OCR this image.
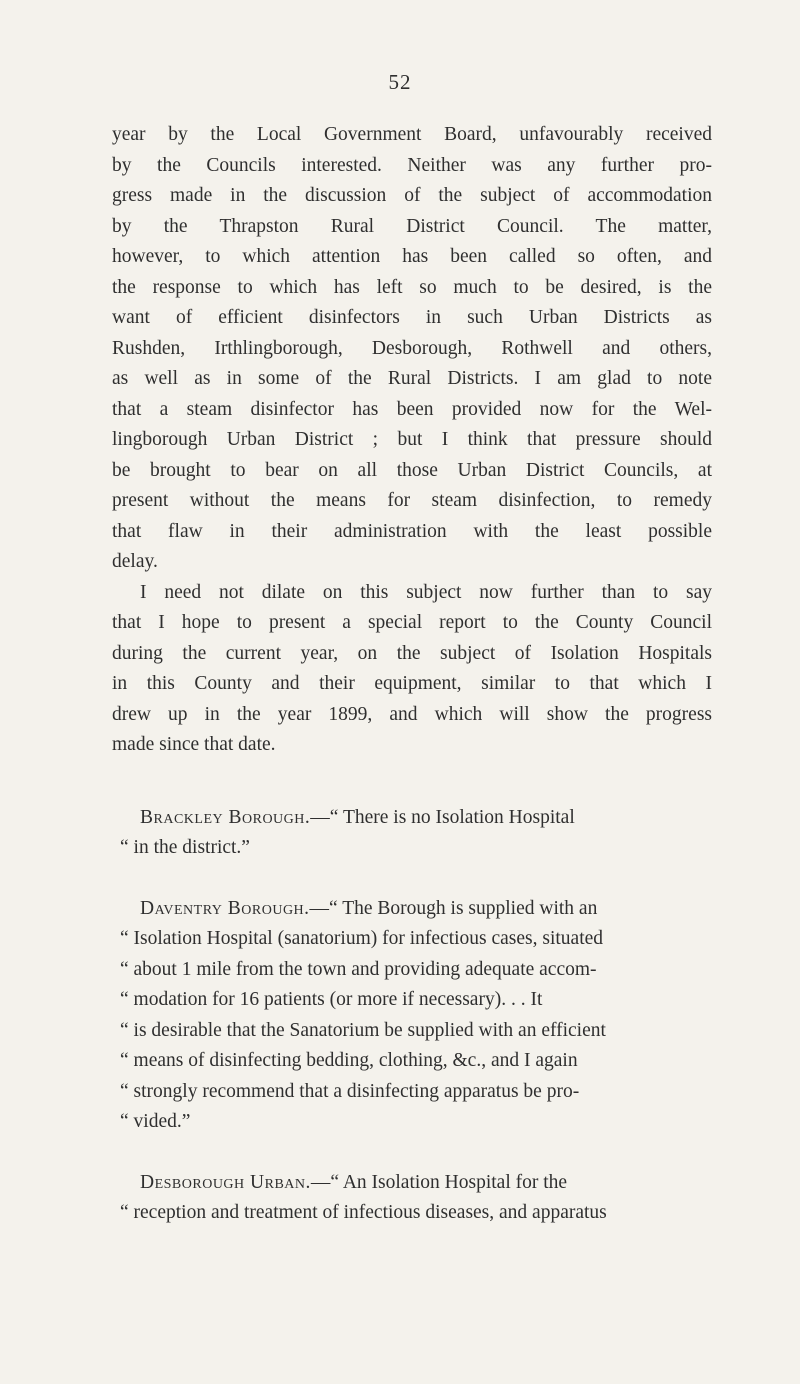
52
year by the Local Government Board, unfavourably received
by the Councils interested. Neither was any further pro-
gress made in the discussion of the subject of accommodation
by the Thrapston Rural District Council. The matter,
however, to which attention has been called so often, and
the response to which has left so much to be desired, is the
want of efficient disinfectors in such Urban Districts as
Rushden, Irthlingborough, Desborough, Rothwell and others,
as well as in some of the Rural Districts. I am glad to note
that a steam disinfector has been provided now for the Wel-
lingborough Urban District ; but I think that pressure should
be brought to bear on all those Urban District Councils, at
present without the means for steam disinfection, to remedy
that flaw in their administration with the least possible
delay.
I need not dilate on this subject now further than to say
that I hope to present a special report to the County Council
during the current year, on the subject of Isolation Hospitals
in this County and their equipment, similar to that which I
drew up in the year 1899, and which will show the progress
made since that date.
Brackley Borough.—“ There is no Isolation Hospital
“ in the district.”
Daventry Borough.—“ The Borough is supplied with an
“ Isolation Hospital (sanatorium) for infectious cases, situated
“ about 1 mile from the town and providing adequate accom-
“ modation for 16 patients (or more if necessary). . . It
“ is desirable that the Sanatorium be supplied with an efficient
“ means of disinfecting bedding, clothing, &c., and I again
“ strongly recommend that a disinfecting apparatus be pro-
“ vided.”
Desborough Urban.—“ An Isolation Hospital for the
“ reception and treatment of infectious diseases, and apparatus
